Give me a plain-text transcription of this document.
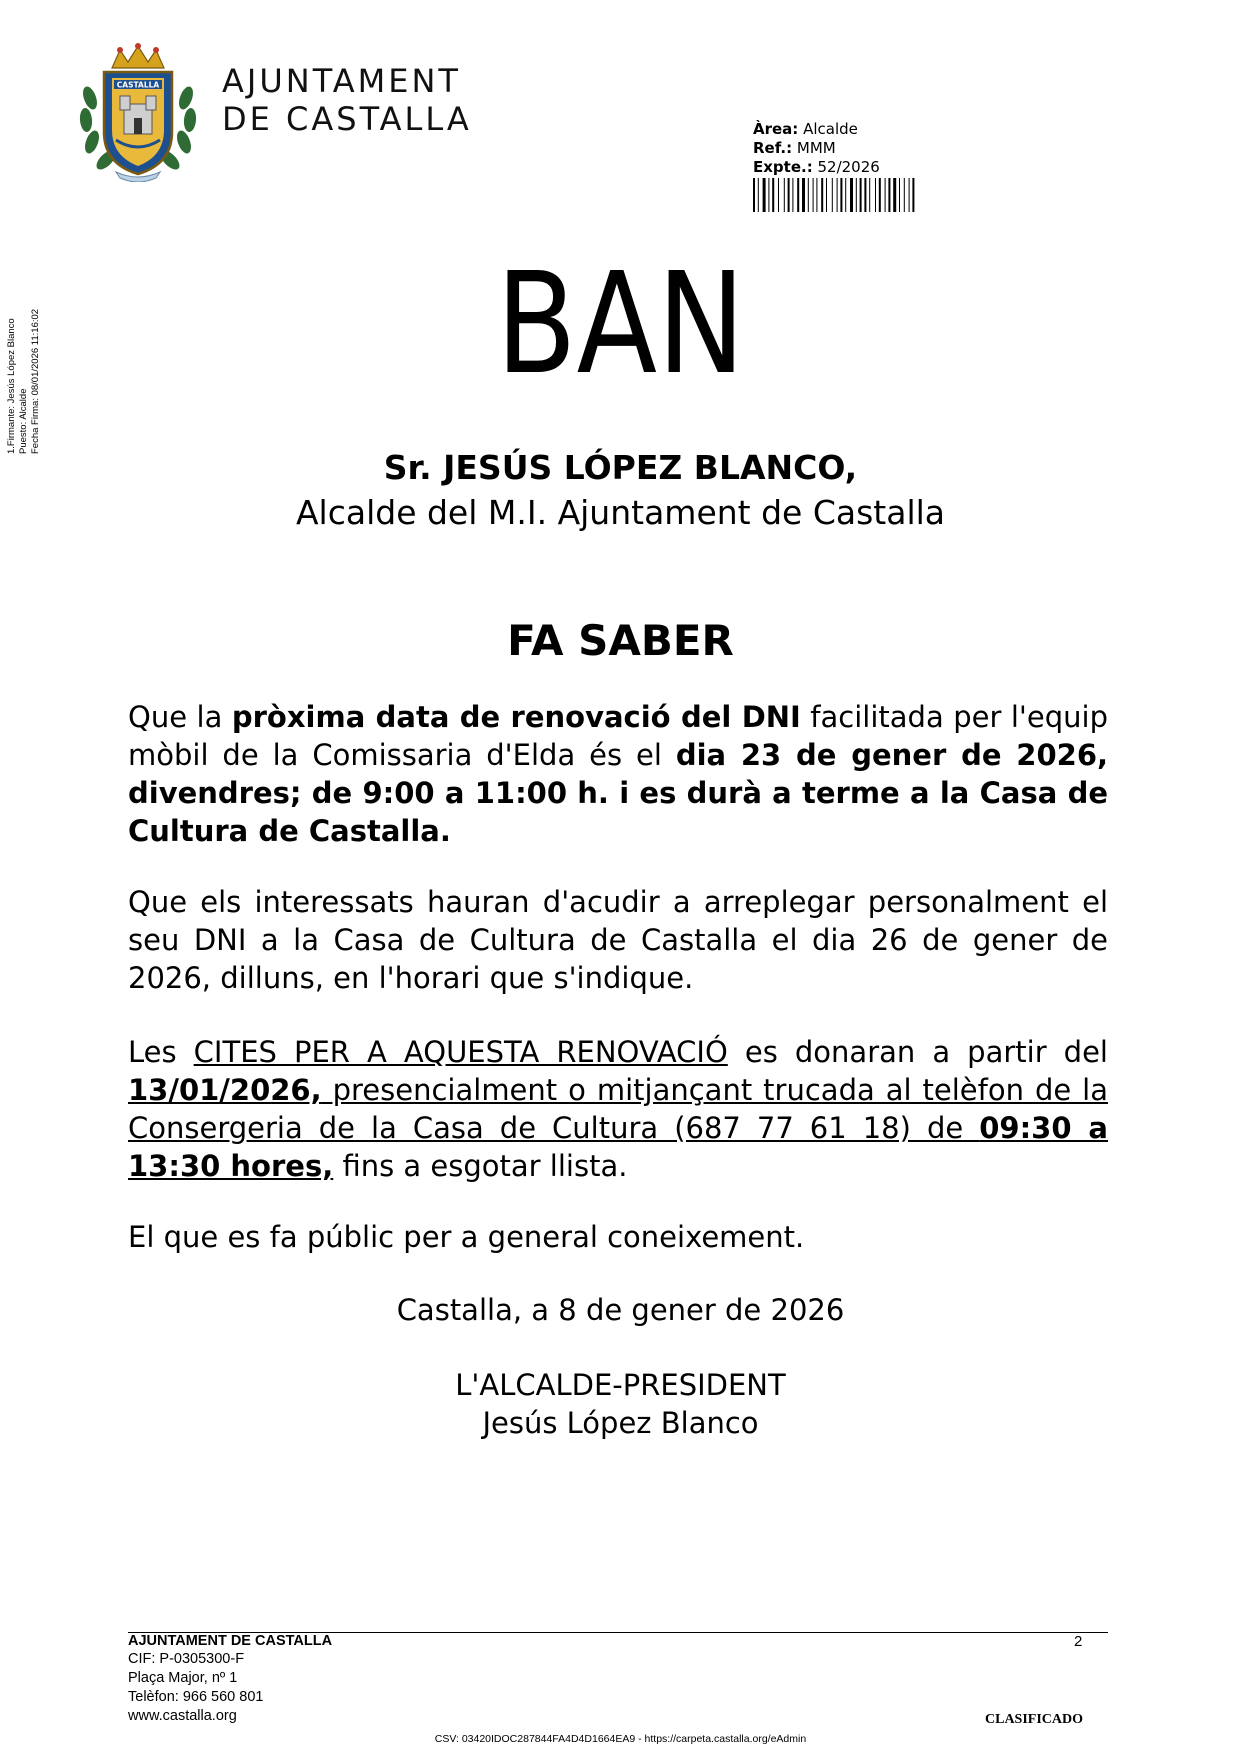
CASTALLA AJUNTAMENT
DE CASTALLA	Àrea: Alcalde
Ref.: MMM
Expte.: 52/2026
1.Firmante: Jesús López Blanco Puesto: Alcalde Fecha Firma: 08/01/2026 11:16:02	BAN
Sr. JESÚS LÓPEZ BLANCO,
Alcalde del M.I. Ajuntament de Castalla
FA SABER
Que la pròxima data de renovació del DNI facilitada per l'equip mòbil de la Comissaria d'Elda és el dia 23 de gener de 2026, divendres; de 9:00 a 11:00 h. i es durà a terme a la Casa de Cultura de Castalla.
Que els interessats hauran d'acudir a arreplegar personalment el seu DNI a la Casa de Cultura de Castalla el dia 26 de gener de 2026, dilluns, en l'horari que s'indique.
Les CITES PER A AQUESTA RENOVACIÓ es donaran a partir del 13/01/2026, presencialment o mitjançant trucada al telèfon de la Consergeria de la Casa de Cultura (687 77 61 18) de 09:30 a 13:30 hores, fins a esgotar llista.
El que es fa públic per a general coneixement.
Castalla, a 8 de gener de 2026
L'ALCALDE-PRESIDENT
Jesús López Blanco
AJUNTAMENT DE CASTALLA
CIF: P-0305300-F
Plaça Major, nº 1
Telèfon: 966 560 801
www.castalla.org
2
CLASIFICADO
CSV: 03420IDOC287844FA4D4D1664EA9 - https://carpeta.castalla.org/eAdmin
